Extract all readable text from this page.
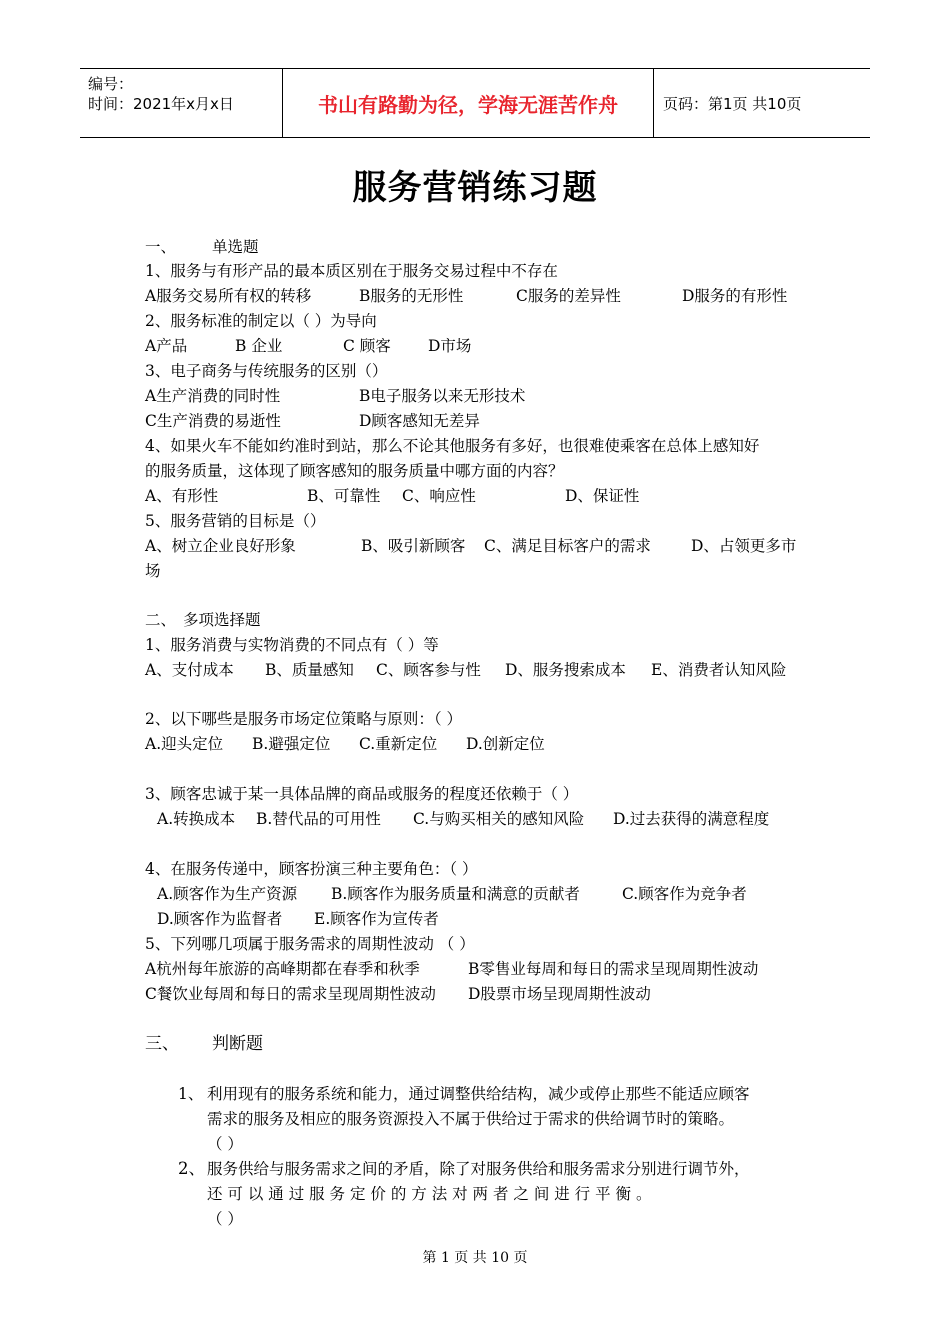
编号：
时间：2021年x月x日	书山有路勤为径，学海无涯苦作舟	页码：第1页 共10页
服务营销练习题
一、 单选题
1、服务与有形产品的最本质区别在于服务交易过程中不存在
A服务交易所有权的转移	B服务的无形性	C服务的差异性	D服务的有形性
2、服务标准的制定以（ ）为导向
A产品	B 企业	C 顾客 D市场
3、电子商务与传统服务的区别（）
A生产消费的同时性	B电子服务以来无形技术
C生产消费的易逝性	D顾客感知无差异
4、如果火车不能如约准时到站，那么不论其他服务有多好，也很难使乘客在总体上感知好
的服务质量，这体现了顾客感知的服务质量中哪方面的内容？
A、有形性	B、可靠性 C、响应性	D、保证性
5、服务营销的目标是（）
A、树立企业良好形象	B、吸引新顾客 C、满足目标客户的需求	D、占领更多市
场
二、 多项选择题
1、服务消费与实物消费的不同点有（ ）等
A、支付成本 B、质量感知 C、顾客参与性 D、服务搜索成本 E、消费者认知风险
2、以下哪些是服务市场定位策略与原则：（ ）
A.迎头定位 B.避强定位 C.重新定位 D.创新定位
3、顾客忠诚于某一具体品牌的商品或服务的程度还依赖于（ ）
A.转换成本 B.替代品的可用性 C.与购买相关的感知风险 D.过去获得的满意程度
4、在服务传递中，顾客扮演三种主要角色：（ ）
A.顾客作为生产资源 B.顾客作为服务质量和满意的贡献者	C.顾客作为竞争者
D.顾客作为监督者 E.顾客作为宣传者
5、下列哪几项属于服务需求的周期性波动 （ ）
A杭州每年旅游的高峰期都在春季和秋季	B零售业每周和每日的需求呈现周期性波动
C餐饮业每周和每日的需求呈现周期性波动 D股票市场呈现周期性波动
三、 判断题
1、 利用现有的服务系统和能力，通过调整供给结构，减少或停止那些不能适应顾客
需求的服务及相应的服务资源投入不属于供给过于需求的供给调节时的策略。
（ ）
2、 服务供给与服务需求之间的矛盾，除了对服务供给和服务需求分别进行调节外，
还 可 以 通 过 服 务 定 价 的 方 法 对 两 者 之 间 进 行 平 衡 。
（ ）
第 1 页 共 10 页
